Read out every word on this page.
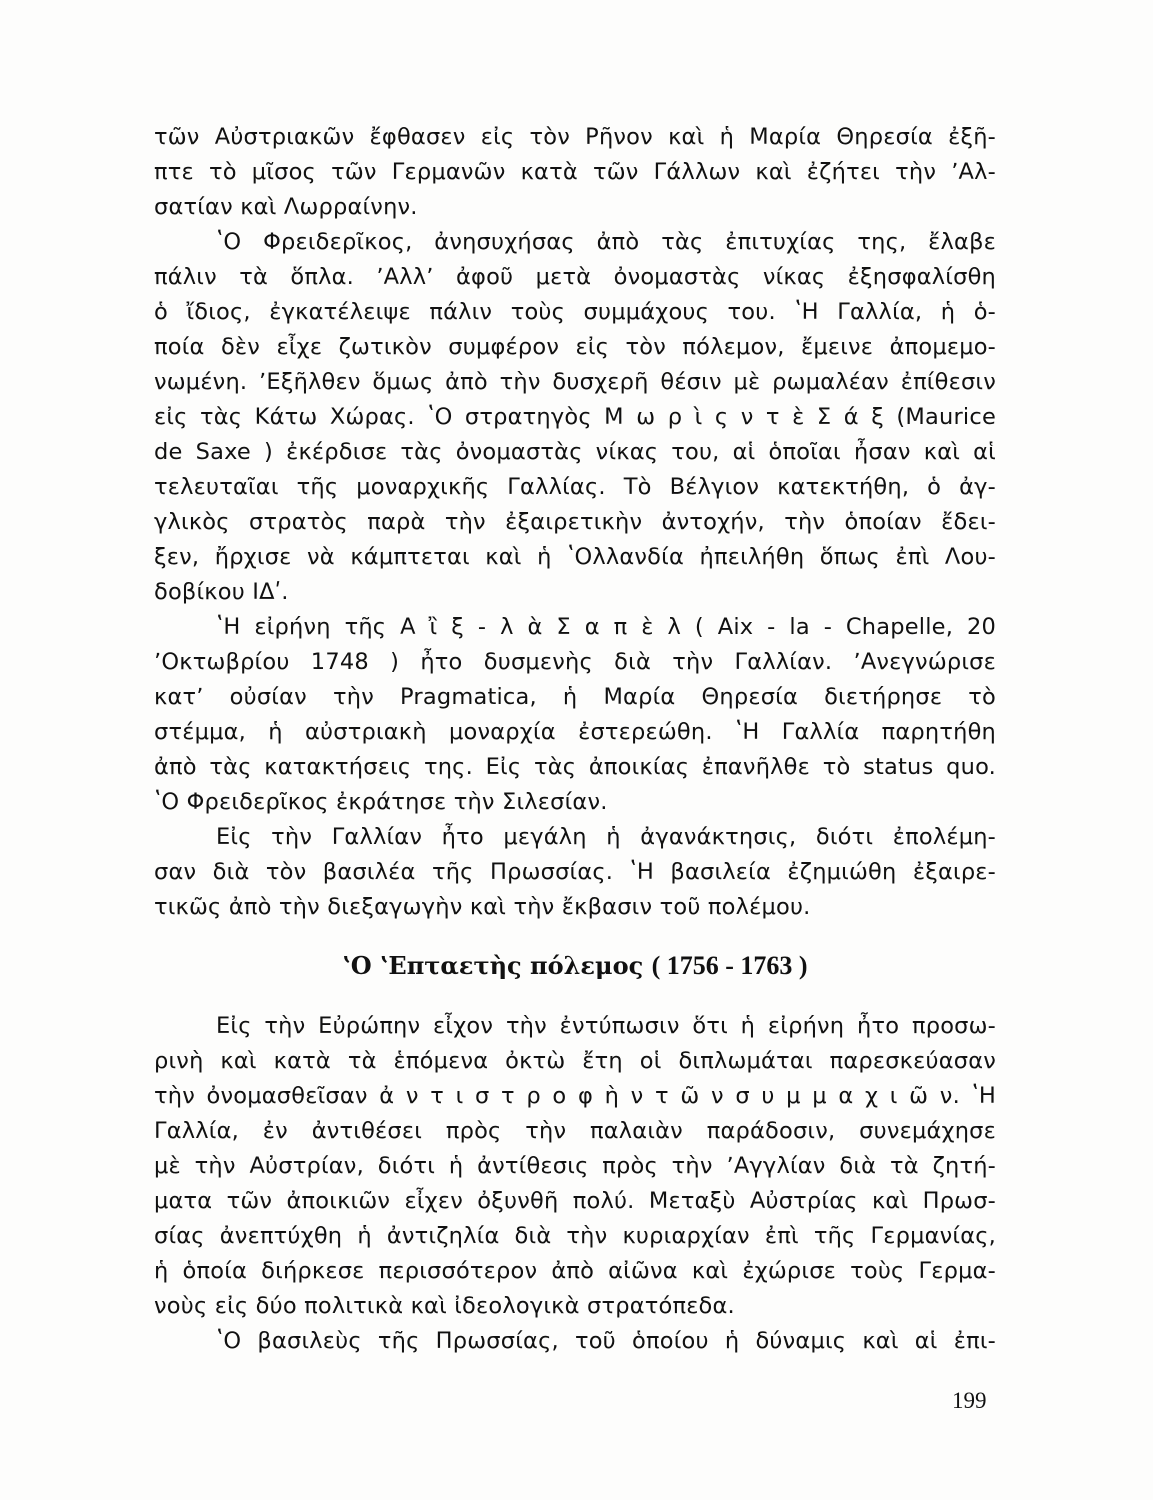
τῶν Αὐστριακῶν ἔφθασεν εἰς τὸν Ρῆνον καὶ ἡ Μαρία Θηρεσία ἐξῆ-
πτε τὸ μῖσος τῶν Γερμανῶν κατὰ τῶν Γάλλων καὶ ἐζήτει τὴν ʼΑλ-
σατίαν καὶ Λωρραίνην.
ʽΟ Φρειδερῖκος, ἀνησυχήσας ἀπὸ τὰς ἐπιτυχίας της, ἔλαβε
πάλιν τὰ ὅπλα. ʼΑλλʼ ἀφοῦ μετὰ ὀνομαστὰς νίκας ἐξησφαλίσθη
ὁ ἴδιος, ἐγκατέλειψε πάλιν τοὺς συμμάχους του. ʽΗ Γαλλία, ἡ ὁ-
ποία δὲν εἶχε ζωτικὸν συμφέρον εἰς τὸν πόλεμον, ἔμεινε ἀπομεμο-
νωμένη. ʼΕξῆλθεν ὅμως ἀπὸ τὴν δυσχερῆ θέσιν μὲ ρωμαλέαν ἐπίθεσιν
εἰς τὰς Κάτω Χώρας. ʽΟ στρατηγὸς Μ ω ρ ὶ ς ν τ ὲ Σ ά ξ (Maurice
de Saxe ) ἐκέρδισε τὰς ὀνομαστὰς νίκας του, αἱ ὁποῖαι ἦσαν καὶ αἱ
τελευταῖαι τῆς μοναρχικῆς Γαλλίας. Τὸ Βέλγιον κατεκτήθη, ὁ ἀγ-
γλικὸς στρατὸς παρὰ τὴν ἐξαιρετικὴν ἀντοχήν, τὴν ὁποίαν ἔδει-
ξεν, ἤρχισε νὰ κάμπτεται καὶ ἡ ʽΟλλανδία ἠπειλήθη ὅπως ἐπὶ Λου-
δοβίκου ΙΔʹ.
ʽΗ εἰρήνη τῆς Α ἲ ξ - λ ὰ Σ α π ὲ λ ( Aix - la - Chapelle, 20
ʼΟκτωβρίου 1748 ) ἦτο δυσμενὴς διὰ τὴν Γαλλίαν. ʼΑνεγνώρισε
κατʼ οὐσίαν τὴν Pragmatica, ἡ Μαρία Θηρεσία διετήρησε τὸ
στέμμα, ἡ αὐστριακὴ μοναρχία ἐστερεώθη. ʽΗ Γαλλία παρητήθη
ἀπὸ τὰς κατακτήσεις της. Εἰς τὰς ἀποικίας ἐπανῆλθε τὸ status quo.
ʽΟ Φρειδερῖκος ἐκράτησε τὴν Σιλεσίαν.
Εἰς τὴν Γαλλίαν ἦτο μεγάλη ἡ ἀγανάκτησις, διότι ἐπολέμη-
σαν διὰ τὸν βασιλέα τῆς Πρωσσίας. ʽΗ βασιλεία ἐζημιώθη ἐξαιρε-
τικῶς ἀπὸ τὴν διεξαγωγὴν καὶ τὴν ἔκβασιν τοῦ πολέμου.
ʽΟ ʽΕπταετὴς πόλεμος ( 1756 - 1763 )
Εἰς τὴν Εὐρώπην εἶχον τὴν ἐντύπωσιν ὅτι ἡ εἰρήνη ἦτο προσω-
ρινὴ καὶ κατὰ τὰ ἑπόμενα ὀκτὼ ἔτη οἱ διπλωμάται παρεσκεύασαν
τὴν ὀνομασθεῖσαν ἀ ν τ ι σ τ ρ ο φ ὴ ν τ ῶ ν σ υ μ μ α χ ι ῶ ν. ʽΗ
Γαλλία, ἐν ἀντιθέσει πρὸς τὴν παλαιὰν παράδοσιν, συνεμάχησε
μὲ τὴν Αὐστρίαν, διότι ἡ ἀντίθεσις πρὸς τὴν ʼΑγγλίαν διὰ τὰ ζητή-
ματα τῶν ἀποικιῶν εἶχεν ὀξυνθῆ πολύ. Μεταξὺ Αὐστρίας καὶ Πρωσ-
σίας ἀνεπτύχθη ἡ ἀντιζηλία διὰ τὴν κυριαρχίαν ἐπὶ τῆς Γερμανίας,
ἡ ὁποία διήρκεσε περισσότερον ἀπὸ αἰῶνα καὶ ἐχώρισε τοὺς Γερμα-
νοὺς εἰς δύο πολιτικὰ καὶ ἰδεολογικὰ στρατόπεδα.
ʽΟ βασιλεὺς τῆς Πρωσσίας, τοῦ ὁποίου ἡ δύναμις καὶ αἱ ἐπι-
199
